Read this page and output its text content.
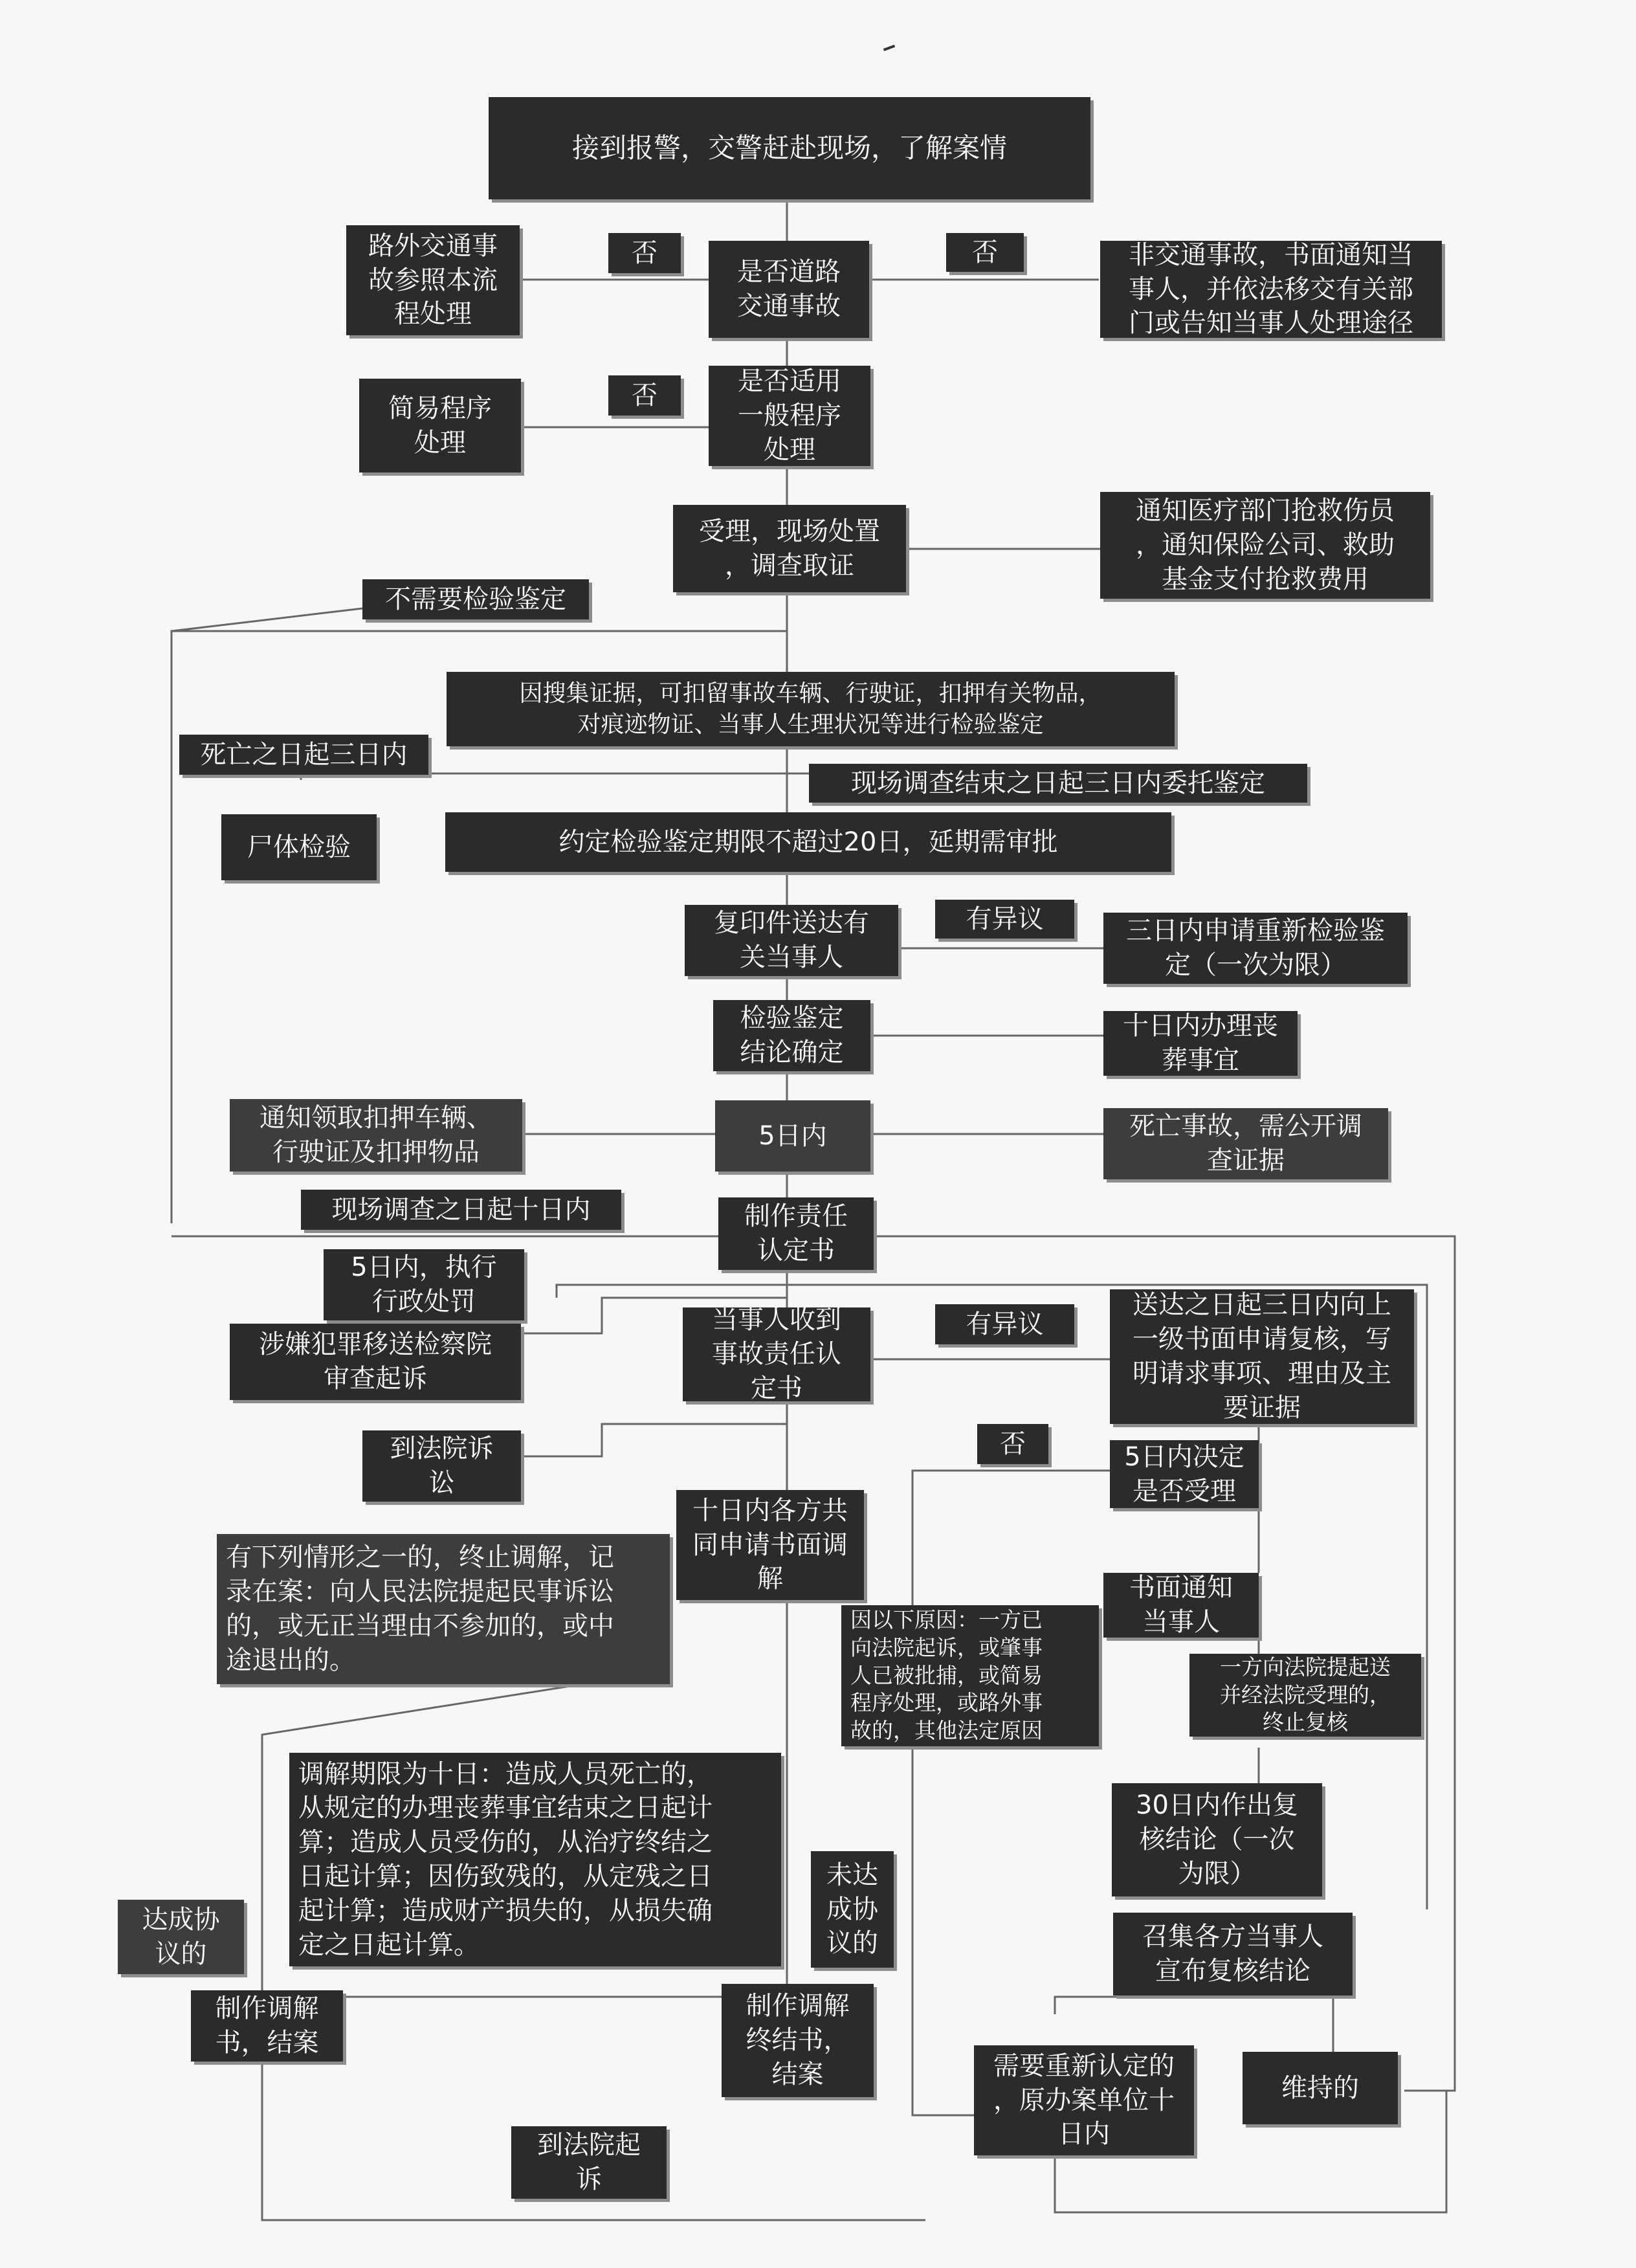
接到报警，交警赶赴现场，了解案情
路外交通事
故参照本流
程处理
否
是否道路
交通事故
否	非交通事故，书面通知当
事人，并依法移交有关部
门或告知当事人处理途径
简易程序
处理
否	是否适用
一般程序
处理
受理，现场处置
，调查取证
通知医疗部门抢救伤员
，通知保险公司、救助
基金支付抢救费用
不需要检验鉴定
因搜集证据，可扣留事故车辆、行驶证，扣押有关物品，
对痕迹物证、当事人生理状况等进行检验鉴定
死亡之日起三日内
现场调查结束之日起三日内委托鉴定
尸体检验	约定检验鉴定期限不超过20日，延期需审批
复印件送达有
关当事人
有异议	三日内申请重新检验鉴
定（一次为限）
检验鉴定
结论确定
十日内办理丧
葬事宜
通知领取扣押车辆、
行驶证及扣押物品
5日内	死亡事故，需公开调
查证据
现场调查之日起十日内	制作责任
认定书
5日内，执行
行政处罚
涉嫌犯罪移送检察院
审查起诉
当事人收到
事故责任认
定书
有异议
送达之日起三日内向上
一级书面申请复核，写
明请求事项、理由及主
要证据
到法院诉
讼
否	5日内决定
是否受理
十日内各方共
同申请书面调
解
有下列情形之一的，终止调解，记
录在案：向人民法院提起民事诉讼
的，或无正当理由不参加的，或中
途退出的。
书面通知
当事人
因以下原因：一方已
向法院起诉，或肇事
人已被批捕，或简易
程序处理，或路外事
故的，其他法定原因
一方向法院提起送
并经法院受理的，
终止复核
调解期限为十日：造成人员死亡的，
从规定的办理丧葬事宜结束之日起计
算；造成人员受伤的，从治疗终结之
日起计算；因伤致残的，从定残之日
起计算；造成财产损失的，从损失确
定之日起计算。
30日内作出复
核结论（一次
为限）
达成协
议的
未达
成协
议的	召集各方当事人
宣布复核结论
制作调解
书，结案
制作调解
终结书，
结案	需要重新认定的
，原办案单位十
日内
维持的
到法院起
诉
